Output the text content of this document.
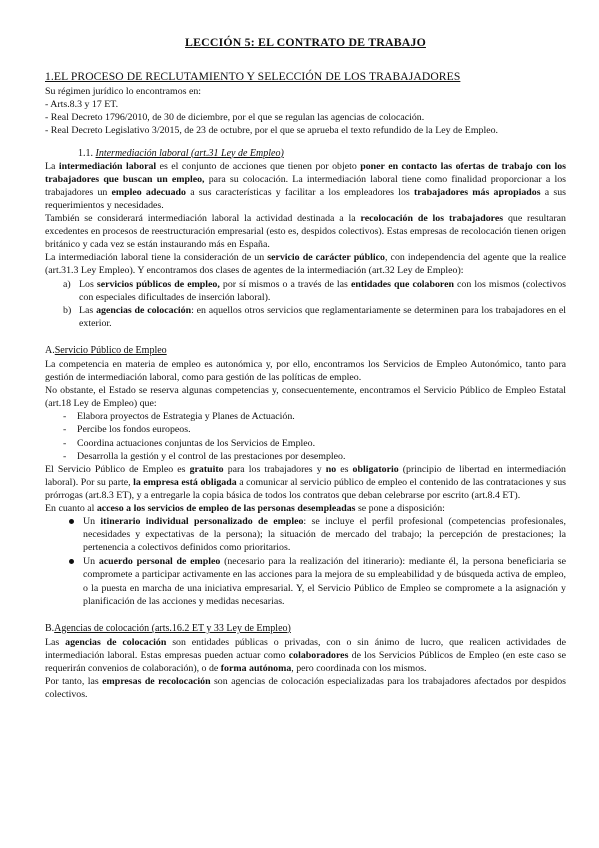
LECCIÓN 5: EL CONTRATO DE TRABAJO
1.EL PROCESO DE RECLUTAMIENTO Y SELECCIÓN DE LOS TRABAJADORES

Su régimen jurídico lo encontramos en:

- Arts.8.3 y 17 ET.

- Real Decreto 1796/2010, de 30 de diciembre, por el que se regulan las agencias de colocación.

- Real Decreto Legislativo 3/2015, de 23 de octubre, por el que se aprueba el texto refundido de la Ley de Empleo.

1.1. Intermediación laboral (art.31 Ley de Empleo)

La intermediación laboral es el conjunto de acciones que tienen por objeto poner en contacto las ofertas de trabajo con los trabajadores que buscan un empleo, para su colocación. La intermediación laboral tiene como finalidad proporcionar a los trabajadores un empleo adecuado a sus características y facilitar a los empleadores los trabajadores más apropiados a sus requerimientos y necesidades.

También se considerará intermediación laboral la actividad destinada a la recolocación de los trabajadores que resultaran excedentes en procesos de reestructuración empresarial (esto es, despidos colectivos). Estas empresas de recolocación tienen origen británico y cada vez se están instaurando más en España.

La intermediación laboral tiene la consideración de un servicio de carácter público, con independencia del agente que la realice (art.31.3 Ley Empleo). Y encontramos dos clases de agentes de la intermediación (art.32 Ley de Empleo):

a) Los servicios públicos de empleo, por sí mismos o a través de las entidades que colaboren con los mismos (colectivos con especiales dificultades de inserción laboral).
b) Las agencias de colocación: en aquellos otros servicios que reglamentariamente se determinen para los trabajadores en el exterior.
A.Servicio Público de Empleo

La competencia en materia de empleo es autonómica y, por ello, encontramos los Servicios de Empleo Autonómico, tanto para gestión de intermediación laboral, como para gestión de las políticas de empleo.

No obstante, el Estado se reserva algunas competencias y, consecuentemente, encontramos el Servicio Público de Empleo Estatal (art.18 Ley de Empleo) que:

- Elabora proyectos de Estrategia y Planes de Actuación.
- Percibe los fondos europeos.
- Coordina actuaciones conjuntas de los Servicios de Empleo.
- Desarrolla la gestión y el control de las prestaciones por desempleo.

El Servicio Público de Empleo es gratuito para los trabajadores y no es obligatorio (principio de libertad en intermediación laboral). Por su parte, la empresa está obligada a comunicar al servicio público de empleo el contenido de las contrataciones y sus prórrogas (art.8.3 ET), y a entregarle la copia básica de todos los contratos que deban celebrarse por escrito (art.8.4 ET).

En cuanto al acceso a los servicios de empleo de las personas desempleadas se pone a disposición:

Un itinerario individual personalizado de empleo: se incluye el perfil profesional (competencias profesionales, necesidades y expectativas de la persona); la situación de mercado del trabajo; la percepción de prestaciones; la pertenencia a colectivos definidos como prioritarios.
Un acuerdo personal de empleo (necesario para la realización del itinerario): mediante él, la persona beneficiaria se compromete a participar activamente en las acciones para la mejora de su empleabilidad y de búsqueda activa de empleo, o la puesta en marcha de una iniciativa empresarial. Y, el Servicio Público de Empleo se compromete a la asignación y planificación de las acciones y medidas necesarias.
B.Agencias de colocación (arts.16.2 ET y 33 Ley de Empleo)

Las agencias de colocación son entidades públicas o privadas, con o sin ánimo de lucro, que realicen actividades de intermediación laboral. Estas empresas pueden actuar como colaboradores de los Servicios Públicos de Empleo (en este caso se requerirán convenios de colaboración), o de forma autónoma, pero coordinada con los mismos.

Por tanto, las empresas de recolocación son agencias de colocación especializadas para los trabajadores afectados por despidos colectivos.
